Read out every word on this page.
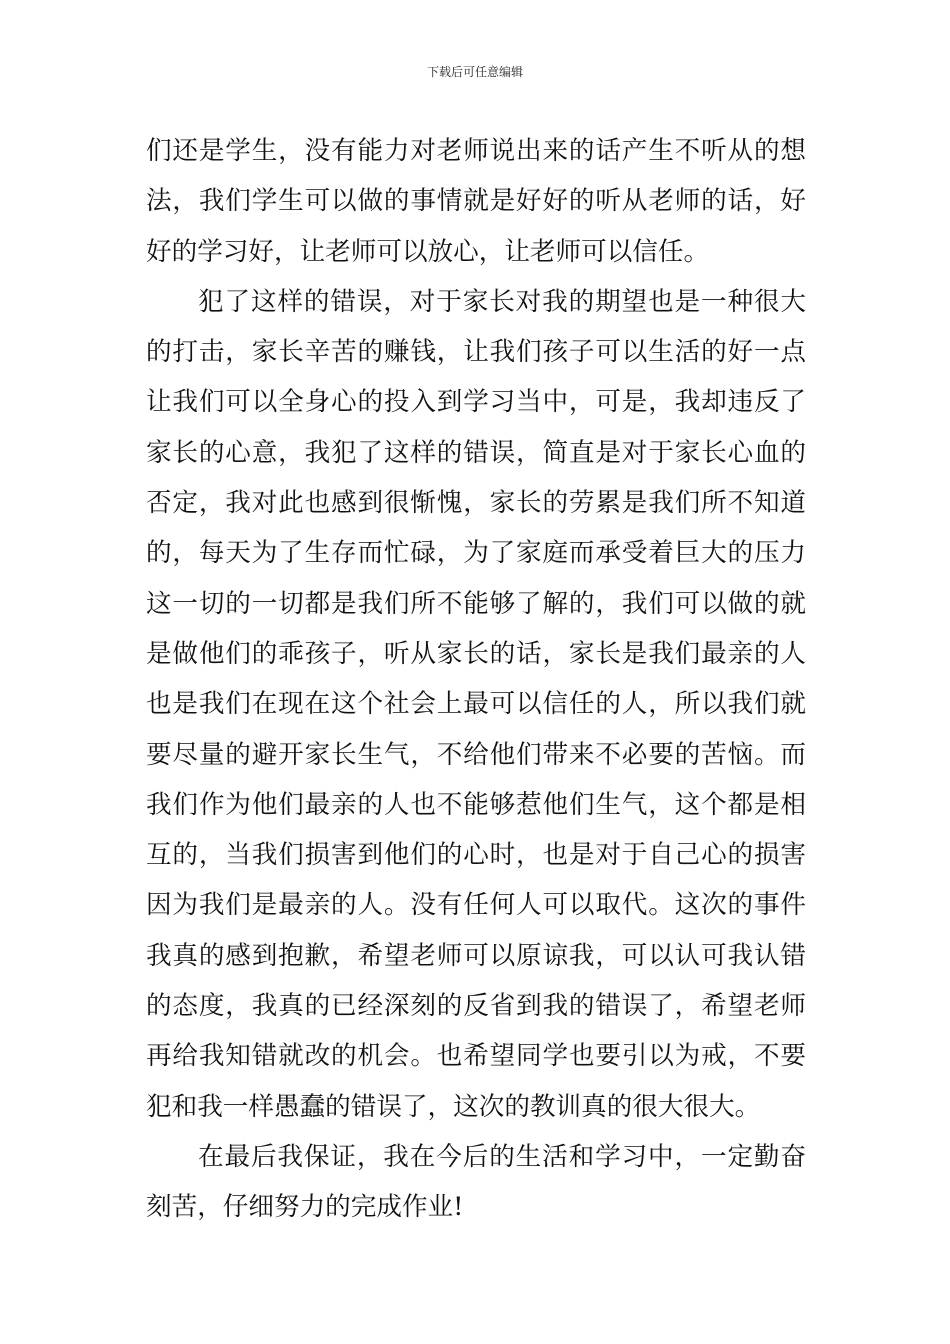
下载后可任意编辑
们还是学生，没有能力对老师说出来的话产生不听从的想
法，我们学生可以做的事情就是好好的听从老师的话，好
好的学习好，让老师可以放心，让老师可以信任。
犯了这样的错误，对于家长对我的期望也是一种很大
的打击，家长辛苦的赚钱，让我们孩子可以生活的好一点
让我们可以全身心的投入到学习当中，可是，我却违反了
家长的心意，我犯了这样的错误，简直是对于家长心血的
否定，我对此也感到很惭愧，家长的劳累是我们所不知道
的，每天为了生存而忙碌，为了家庭而承受着巨大的压力
这一切的一切都是我们所不能够了解的，我们可以做的就
是做他们的乖孩子，听从家长的话，家长是我们最亲的人
也是我们在现在这个社会上最可以信任的人，所以我们就
要尽量的避开家长生气，不给他们带来不必要的苦恼。而
我们作为他们最亲的人也不能够惹他们生气，这个都是相
互的，当我们损害到他们的心时，也是对于自己心的损害
因为我们是最亲的人。没有任何人可以取代。这次的事件
我真的感到抱歉，希望老师可以原谅我，可以认可我认错
的态度，我真的已经深刻的反省到我的错误了，希望老师
再给我知错就改的机会。也希望同学也要引以为戒，不要
犯和我一样愚蠢的错误了，这次的教训真的很大很大。
在最后我保证，我在今后的生活和学习中，一定勤奋
刻苦，仔细努力的完成作业!
